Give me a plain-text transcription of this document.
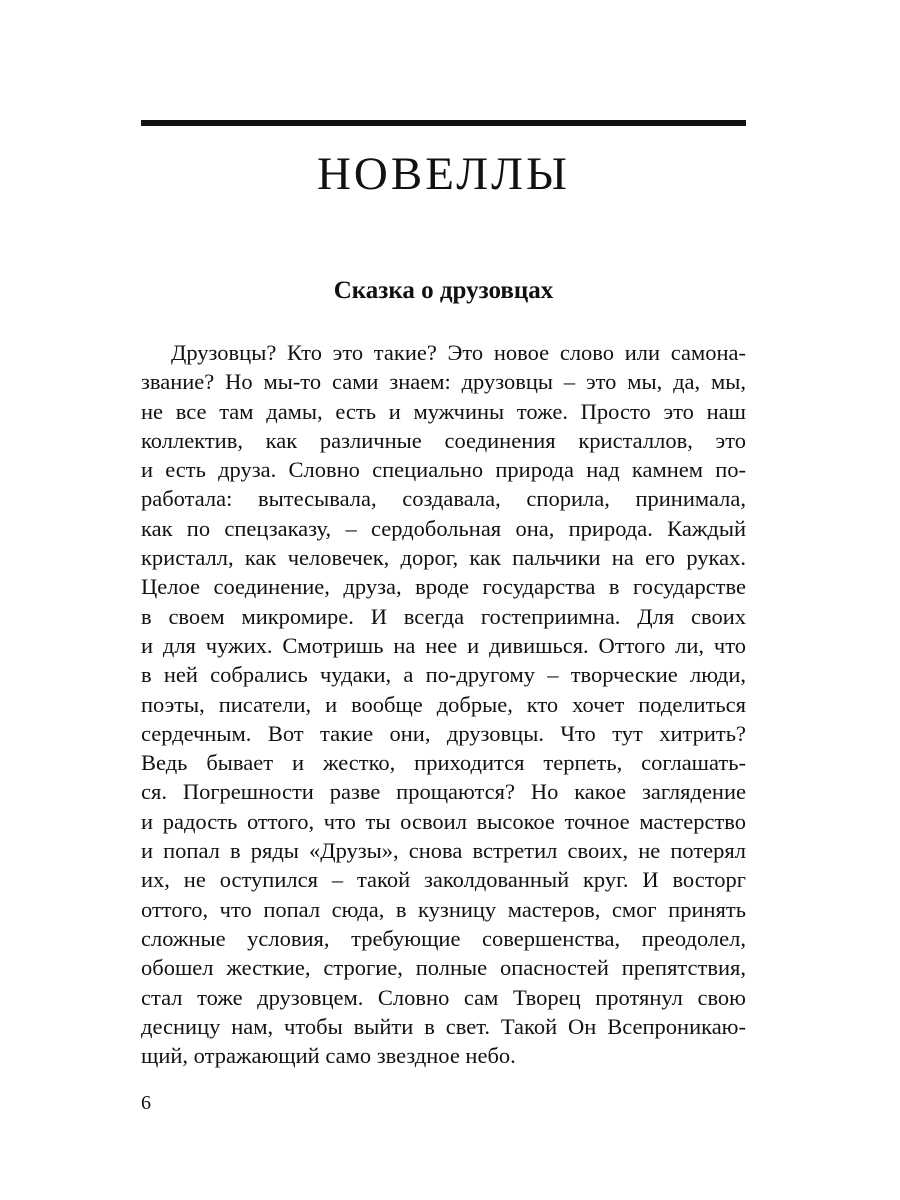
НОВЕЛЛЫ
Сказка о друзовцах
Друзовцы? Кто это такие? Это новое слово или самона-
звание? Но мы-то сами знаем: друзовцы – это мы, да, мы,
не все там дамы, есть и мужчины тоже. Просто это наш
коллектив, как различные соединения кристаллов, это
и есть друза. Словно специально природа над камнем по-
работала: вытесывала, создавала, спорила, принимала,
как по спецзаказу, – сердобольная она, природа. Каждый
кристалл, как человечек, дорог, как пальчики на его руках.
Целое соединение, друза, вроде государства в государстве
в своем микромире. И всегда гостеприимна. Для своих
и для чужих. Смотришь на нее и дивишься. Оттого ли, что
в ней собрались чудаки, а по-другому – творческие люди,
поэты, писатели, и вообще добрые, кто хочет поделиться
сердечным. Вот такие они, друзовцы. Что тут хитрить?
Ведь бывает и жестко, приходится терпеть, соглашать-
ся. Погрешности разве прощаются? Но какое заглядение
и радость оттого, что ты освоил высокое точное мастерство
и попал в ряды «Друзы», снова встретил своих, не потерял
их, не оступился – такой заколдованный круг. И восторг
оттого, что попал сюда, в кузницу мастеров, смог принять
сложные условия, требующие совершенства, преодолел,
обошел жесткие, строгие, полные опасностей препятствия,
стал тоже друзовцем. Словно сам Творец протянул свою
десницу нам, чтобы выйти в свет. Такой Он Всепроникаю-
щий, отражающий само звездное небо.
6
